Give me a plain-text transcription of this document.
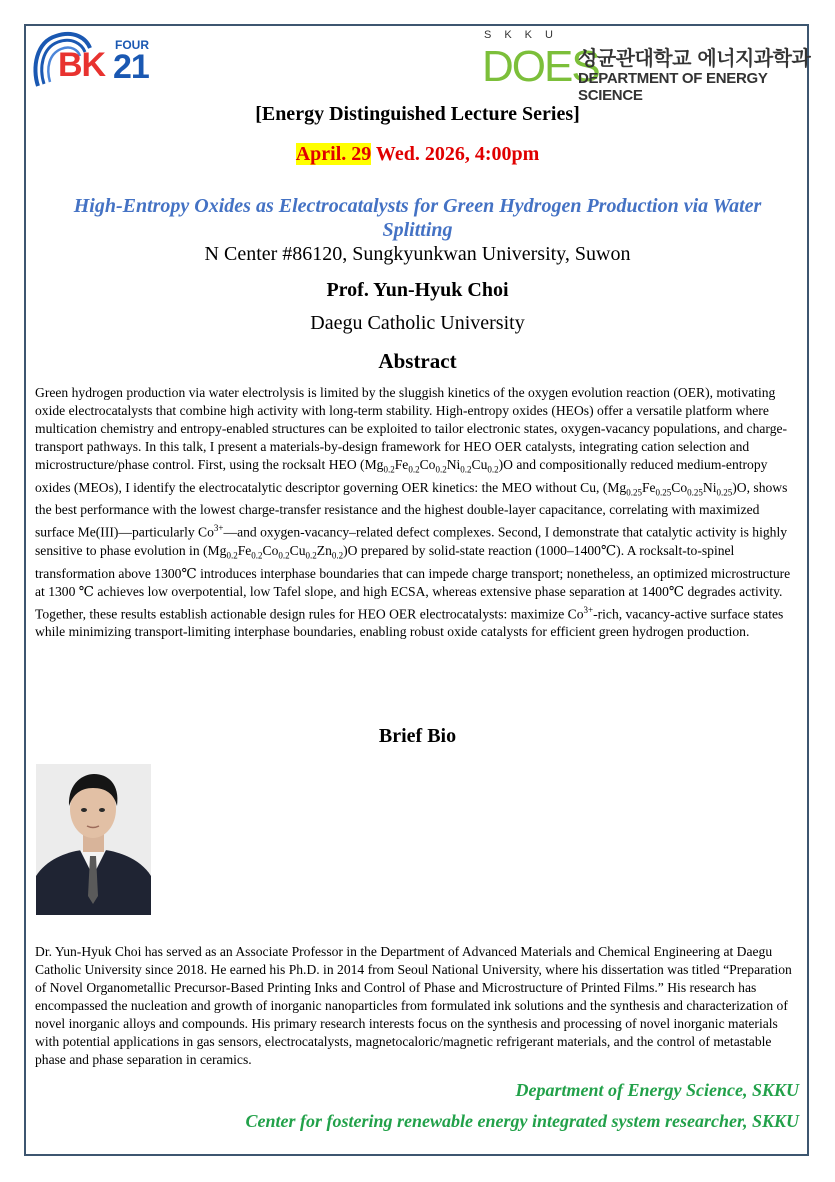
FOUR
BK 21
SKKU
DOES
성균관대학교 에너지과학과
DEPARTMENT OF ENERGY SCIENCE
[Energy Distinguished Lecture Series]
April. 29 Wed. 2026, 4:00pm
High-Entropy Oxides as Electrocatalysts for Green Hydrogen Production via Water Splitting
N Center #86120, Sungkyunkwan University, Suwon
Prof. Yun-Hyuk Choi
Daegu Catholic University
Abstract
Green hydrogen production via water electrolysis is limited by the sluggish kinetics of the oxygen evolution reaction (OER), motivating oxide electrocatalysts that combine high activity with long-term stability. High-entropy oxides (HEOs) offer a versatile platform where multication chemistry and entropy-enabled structures can be exploited to tailor electronic states, oxygen-vacancy populations, and charge-transport pathways. In this talk, I present a materials-by-design framework for HEO OER catalysts, integrating cation selection and microstructure/phase control. First, using the rocksalt HEO $(Mg_{0.2}Fe_{0.2}Co_{0.2}Ni_{0.2}Cu_{0.2})O$ and compositionally reduced medium-entropy oxides (MEOs), I identify the electrocatalytic descriptor governing OER kinetics: the MEO without Cu, $(Mg_{0.25}Fe_{0.25}Co_{0.25}Ni_{0.25})O$, shows the best performance with the lowest charge-transfer resistance and the highest double-layer capacitance, correlating with maximized surface Me(III)—particularly $Co^{3+}—and$ oxygen-vacancy–related defect complexes. Second, I demonstrate that catalytic activity is highly sensitive to phase evolution in $(Mg_{0.2}Fe_{0.2}Co_{0.2}Cu_{0.2}Zn_{0.2})O$ prepared by solid-state reaction (1000–1400℃). A rocksalt-to-spinel transformation above 1300℃ introduces interphase boundaries that can impede charge transport; nonetheless, an optimized microstructure at 1300 ℃ achieves low overpotential, low Tafel slope, and high ECSA, whereas extensive phase separation at 1400℃ degrades activity. Together, these results establish actionable design rules for HEO OER electrocatalysts: maximize $Co^{3+}$-rich, vacancy-active surface states while minimizing transport-limiting interphase boundaries, enabling robust oxide catalysts for efficient green hydrogen production.
Brief Bio
Dr. Yun-Hyuk Choi has served as an Associate Professor in the Department of Advanced Materials and Chemical Engineering at Daegu Catholic University since 2018. He earned his Ph.D. in 2014 from Seoul National University, where his dissertation was titled “Preparation of Novel Organometallic Precursor-Based Printing Inks and Control of Phase and Microstructure of Printed Films.” His research has encompassed the nucleation and growth of inorganic nanoparticles from formulated ink solutions and the synthesis and characterization of novel inorganic alloys and compounds. His primary research interests focus on the synthesis and processing of novel inorganic materials with potential applications in gas sensors, electrocatalysts, magnetocaloric/magnetic refrigerant materials, and the control of metastable phase and phase separation in ceramics.
Department of Energy Science, SKKU
Center for fostering renewable energy integrated system researcher, SKKU
